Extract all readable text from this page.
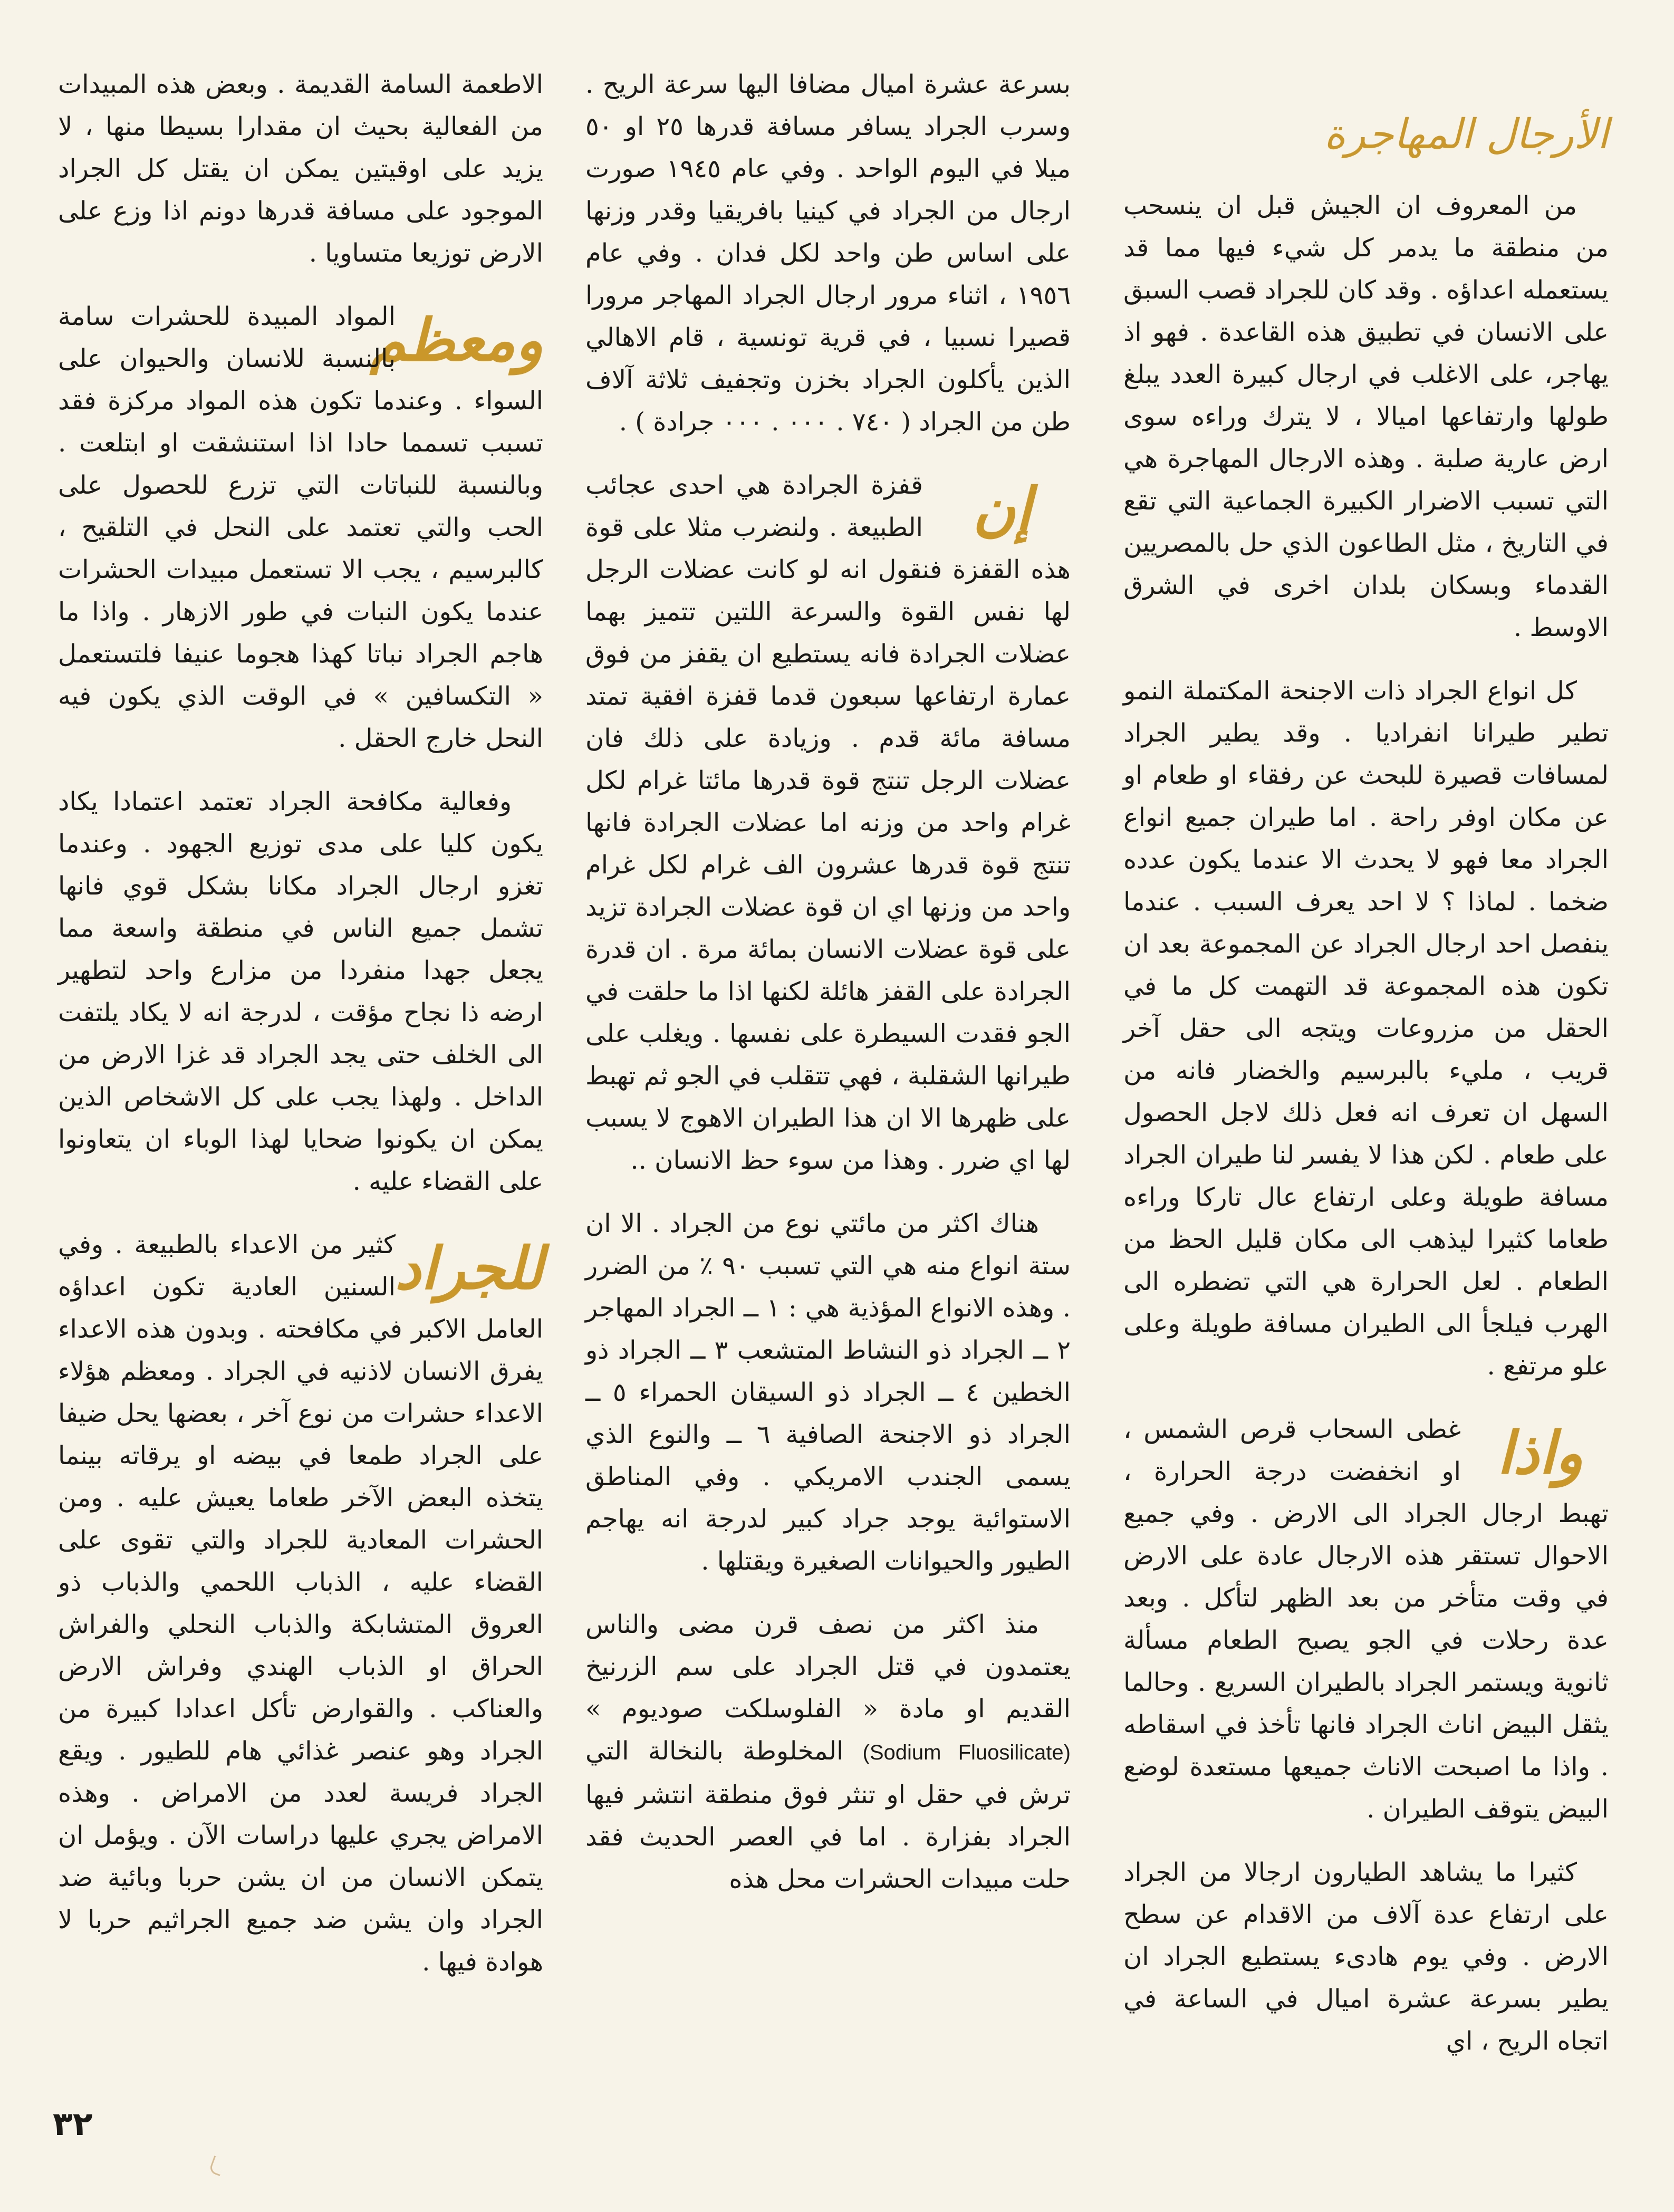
الأرجال المهاجرة

من المعروف ان الجيش قبل ان ينسحب من منطقة ما يدمر كل شيء فيها مما قد يستعمله اعداؤه . وقد كان للجراد قصب السبق على الانسان في تطبيق هذه القاعدة . فهو اذ يهاجر، على الاغلب في ارجال كبيرة العدد يبلغ طولها وارتفاعها اميالا ، لا يترك وراءه سوى ارض عارية صلبة . وهذه الارجال المهاجرة هي التي تسبب الاضرار الكبيرة الجماعية التي تقع في التاريخ ، مثل الطاعون الذي حل بالمصريين القدماء وبسكان بلدان اخرى في الشرق الاوسط .

كل انواع الجراد ذات الاجنحة المكتملة النمو تطير طيرانا انفراديا . وقد يطير الجراد لمسافات قصيرة للبحث عن رفقاء او طعام او عن مكان اوفر راحة . اما طيران جميع انواع الجراد معا فهو لا يحدث الا عندما يكون عدده ضخما . لماذا ؟ لا احد يعرف السبب . عندما ينفصل احد ارجال الجراد عن المجموعة بعد ان تكون هذه المجموعة قد التهمت كل ما في الحقل من مزروعات ويتجه الى حقل آخر قريب ، مليء بالبرسيم والخضار فانه من السهل ان تعرف انه فعل ذلك لاجل الحصول على طعام . لكن هذا لا يفسر لنا طيران الجراد مسافة طويلة وعلى ارتفاع عال تاركا وراءه طعاما كثيرا ليذهب الى مكان قليل الحظ من الطعام . لعل الحرارة هي التي تضطره الى الهرب فيلجأ الى الطيران مسافة طويلة وعلى علو مرتفع .

واذا

غطى السحاب قرص الشمس ، او انخفضت درجة الحرارة ، تهبط ارجال الجراد الى الارض . وفي جميع الاحوال تستقر هذه الارجال عادة على الارض في وقت متأخر من بعد الظهر لتأكل . وبعد عدة رحلات في الجو يصبح الطعام مسألة ثانوية ويستمر الجراد بالطيران السريع . وحالما يثقل البيض اناث الجراد فانها تأخذ في اسقاطه . واذا ما اصبحت الاناث جميعها مستعدة لوضع البيض يتوقف الطيران .

كثيرا ما يشاهد الطيارون ارجالا من الجراد على ارتفاع عدة آلاف من الاقدام عن سطح الارض . وفي يوم هادىء يستطيع الجراد ان يطير بسرعة عشرة اميال في الساعة في اتجاه الريح ، اي

بسرعة عشرة اميال مضافا اليها سرعة الريح . وسرب الجراد يسافر مسافة قدرها ٢٥ او ٥٠ ميلا في اليوم الواحد . وفي عام ١٩٤٥ صورت ارجال من الجراد في كينيا بافريقيا وقدر وزنها على اساس طن واحد لكل فدان . وفي عام ١٩٥٦ ، اثناء مرور ارجال الجراد المهاجر مرورا قصيرا نسبيا ، في قرية تونسية ، قام الاهالي الذين يأكلون الجراد بخزن وتجفيف ثلاثة آلاف طن من الجراد ( ٧٤٠ . ٠٠٠ . ٠٠٠ جرادة ) .

إن

قفزة الجرادة هي احدى عجائب الطبيعة . ولنضرب مثلا على قوة هذه القفزة فنقول انه لو كانت عضلات الرجل لها نفس القوة والسرعة اللتين تتميز بهما عضلات الجرادة فانه يستطيع ان يقفز من فوق عمارة ارتفاعها سبعون قدما قفزة افقية تمتد مسافة مائة قدم . وزيادة على ذلك فان عضلات الرجل تنتج قوة قدرها مائتا غرام لكل غرام واحد من وزنه اما عضلات الجرادة فانها تنتج قوة قدرها عشرون الف غرام لكل غرام واحد من وزنها اي ان قوة عضلات الجرادة تزيد على قوة عضلات الانسان بمائة مرة . ان قدرة الجرادة على القفز هائلة لكنها اذا ما حلقت في الجو فقدت السيطرة على نفسها . ويغلب على طيرانها الشقلبة ، فهي تتقلب في الجو ثم تهبط على ظهرها الا ان هذا الطيران الاهوج لا يسبب لها اي ضرر . وهذا من سوء حظ الانسان ..

هناك اكثر من مائتي نوع من الجراد . الا ان ستة انواع منه هي التي تسبب ٩٠ ٪ من الضرر . وهذه الانواع المؤذية هي : ١ ــ الجراد المهاجر ٢ ــ الجراد ذو النشاط المتشعب ٣ ــ الجراد ذو الخطين ٤ ــ الجراد ذو السيقان الحمراء ٥ ــ الجراد ذو الاجنحة الصافية ٦ ــ والنوع الذي يسمى الجندب الامريكي . وفي المناطق الاستوائية يوجد جراد كبير لدرجة انه يهاجم الطيور والحيوانات الصغيرة ويقتلها .

منذ اكثر من نصف قرن مضى والناس يعتمدون في قتل الجراد على سم الزرنيخ القديم او مادة « الفلوسلكت صوديوم » (Sodium Fluosilicate) المخلوطة بالنخالة التي ترش في حقل او تنثر فوق منطقة انتشر فيها الجراد بفزارة . اما في العصر الحديث فقد حلت مبيدات الحشرات محل هذه

الاطعمة السامة القديمة . وبعض هذه المبيدات من الفعالية بحيث ان مقدارا بسيطا منها ، لا يزيد على اوقيتين يمكن ان يقتل كل الجراد الموجود على مسافة قدرها دونم اذا وزع على الارض توزيعا متساويا .

ومعظم

المواد المبيدة للحشرات سامة بالنسبة للانسان والحيوان على السواء . وعندما تكون هذه المواد مركزة فقد تسبب تسمما حادا اذا استنشقت او ابتلعت . وبالنسبة للنباتات التي تزرع للحصول على الحب والتي تعتمد على النحل في التلقيح ، كالبرسيم ، يجب الا تستعمل مبيدات الحشرات عندما يكون النبات في طور الازهار . واذا ما هاجم الجراد نباتا كهذا هجوما عنيفا فلتستعمل « التكسافين » في الوقت الذي يكون فيه النحل خارج الحقل .

وفعالية مكافحة الجراد تعتمد اعتمادا يكاد يكون كليا على مدى توزيع الجهود . وعندما تغزو ارجال الجراد مكانا بشكل قوي فانها تشمل جميع الناس في منطقة واسعة مما يجعل جهدا منفردا من مزارع واحد لتطهير ارضه ذا نجاح مؤقت ، لدرجة انه لا يكاد يلتفت الى الخلف حتى يجد الجراد قد غزا الارض من الداخل . ولهذا يجب على كل الاشخاص الذين يمكن ان يكونوا ضحايا لهذا الوباء ان يتعاونوا على القضاء عليه .

للجراد

كثير من الاعداء بالطبيعة . وفي السنين العادية تكون اعداؤه العامل الاكبر في مكافحته . وبدون هذه الاعداء يفرق الانسان لاذنيه في الجراد . ومعظم هؤلاء الاعداء حشرات من نوع آخر ، بعضها يحل ضيفا على الجراد طمعا في بيضه او يرقاته بينما يتخذه البعض الآخر طعاما يعيش عليه . ومن الحشرات المعادية للجراد والتي تقوى على القضاء عليه ، الذباب اللحمي والذباب ذو العروق المتشابكة والذباب النحلي والفراش الحراق او الذباب الهندي وفراش الارض والعناكب . والقوارض تأكل اعدادا كبيرة من الجراد وهو عنصر غذائي هام للطيور . ويقع الجراد فريسة لعدد من الامراض . وهذه الامراض يجري عليها دراسات الآن . ويؤمل ان يتمكن الانسان من ان يشن حربا وبائية ضد الجراد وان يشن ضد جميع الجراثيم حربا لا هوادة فيها .

٣٢
